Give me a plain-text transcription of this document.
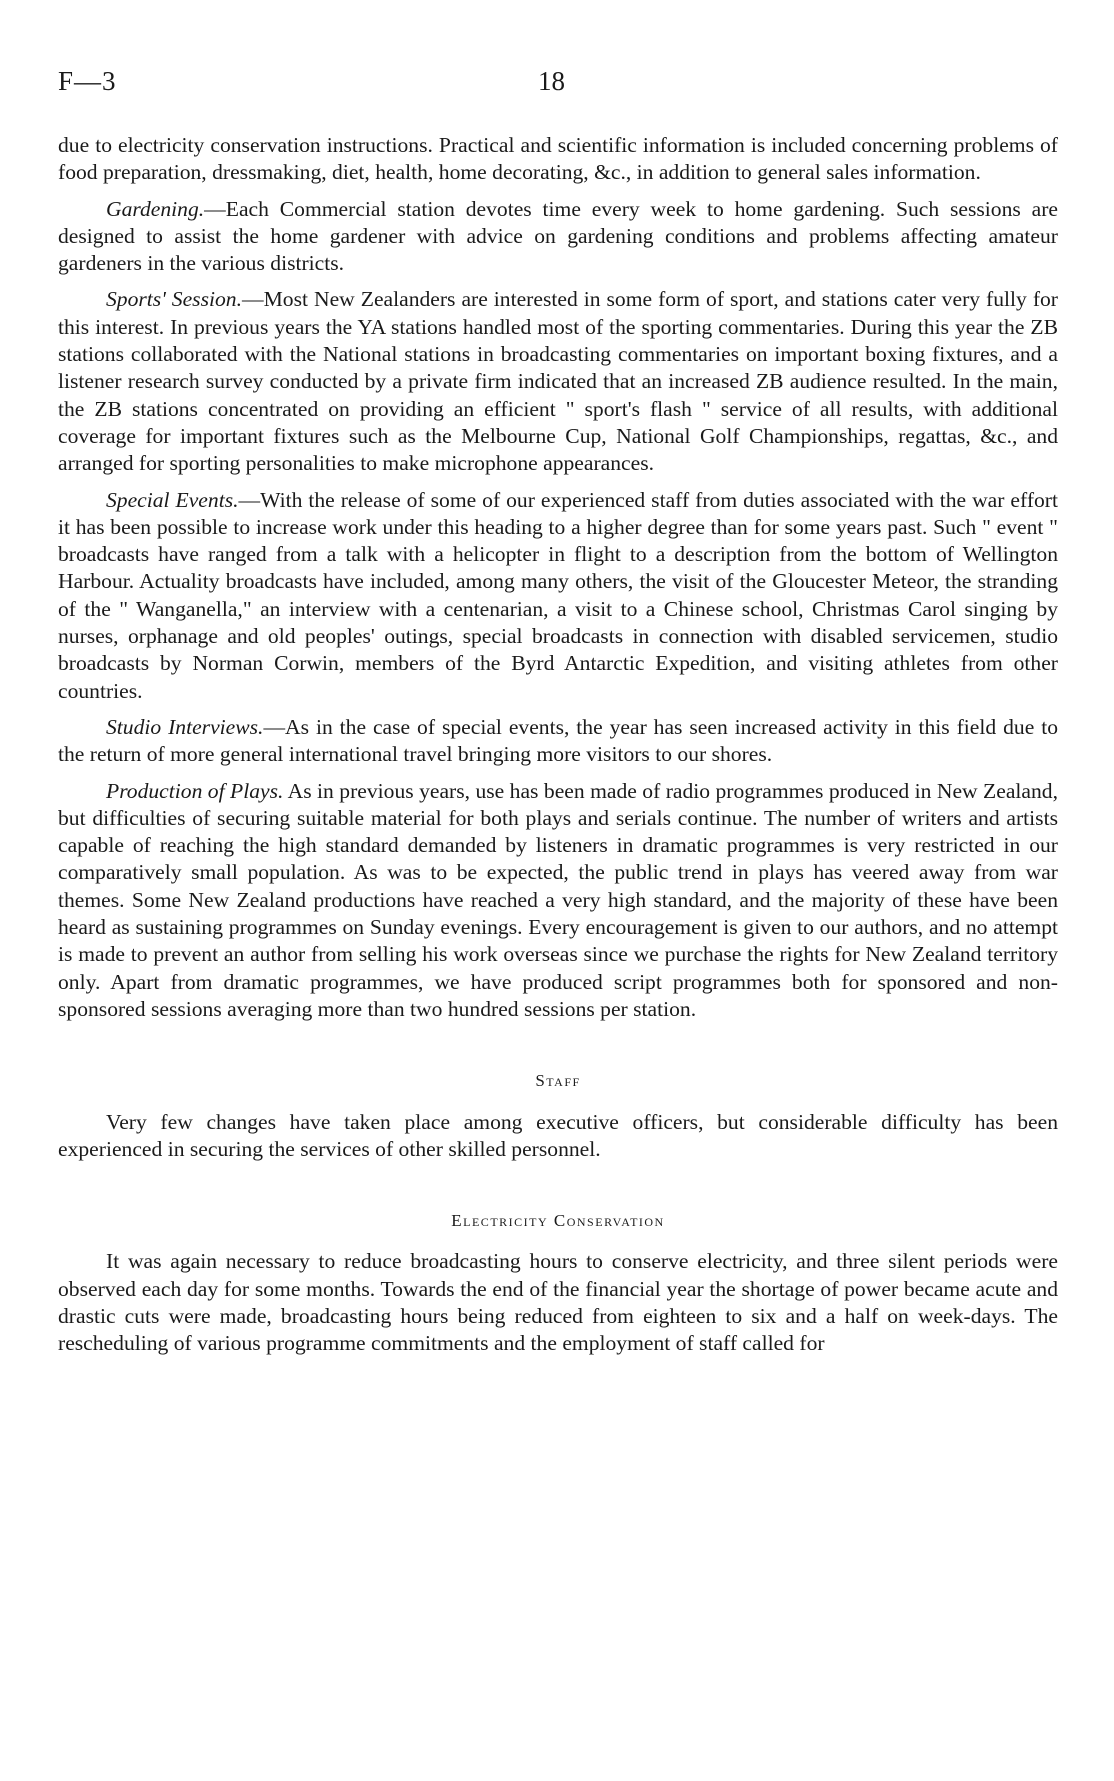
F—3	18

due to electricity conservation instructions. Practical and scientific information is included concerning problems of food preparation, dressmaking, diet, health, home decorating, &c., in addition to general sales information.

Gardening.—Each Commercial station devotes time every week to home gardening. Such sessions are designed to assist the home gardener with advice on gardening conditions and problems affecting amateur gardeners in the various districts.

Sports' Session.—Most New Zealanders are interested in some form of sport, and stations cater very fully for this interest. In previous years the YA stations handled most of the sporting commentaries. During this year the ZB stations collaborated with the National stations in broadcasting commentaries on important boxing fixtures, and a listener research survey conducted by a private firm indicated that an increased ZB audience resulted. In the main, the ZB stations concentrated on providing an efficient " sport's flash " service of all results, with additional coverage for important fixtures such as the Melbourne Cup, National Golf Championships, regattas, &c., and arranged for sporting personalities to make microphone appearances.

Special Events.—With the release of some of our experienced staff from duties associated with the war effort it has been possible to increase work under this heading to a higher degree than for some years past. Such " event " broadcasts have ranged from a talk with a helicopter in flight to a description from the bottom of Wellington Harbour. Actuality broadcasts have included, among many others, the visit of the Gloucester Meteor, the stranding of the " Wanganella," an interview with a centenarian, a visit to a Chinese school, Christmas Carol singing by nurses, orphanage and old peoples' outings, special broadcasts in connection with disabled servicemen, studio broadcasts by Norman Corwin, members of the Byrd Antarctic Expedition, and visiting athletes from other countries.

Studio Interviews.—As in the case of special events, the year has seen increased activity in this field due to the return of more general international travel bringing more visitors to our shores.

Production of Plays. As in previous years, use has been made of radio programmes produced in New Zealand, but difficulties of securing suitable material for both plays and serials continue. The number of writers and artists capable of reaching the high standard demanded by listeners in dramatic programmes is very restricted in our comparatively small population. As was to be expected, the public trend in plays has veered away from war themes. Some New Zealand productions have reached a very high standard, and the majority of these have been heard as sustaining programmes on Sunday evenings. Every encouragement is given to our authors, and no attempt is made to prevent an author from selling his work overseas since we purchase the rights for New Zealand territory only. Apart from dramatic programmes, we have produced script programmes both for sponsored and non-sponsored sessions averaging more than two hundred sessions per station.

Staff

Very few changes have taken place among executive officers, but considerable difficulty has been experienced in securing the services of other skilled personnel.

Electricity Conservation

It was again necessary to reduce broadcasting hours to conserve electricity, and three silent periods were observed each day for some months. Towards the end of the financial year the shortage of power became acute and drastic cuts were made, broadcasting hours being reduced from eighteen to six and a half on week-days. The rescheduling of various programme commitments and the employment of staff called for
